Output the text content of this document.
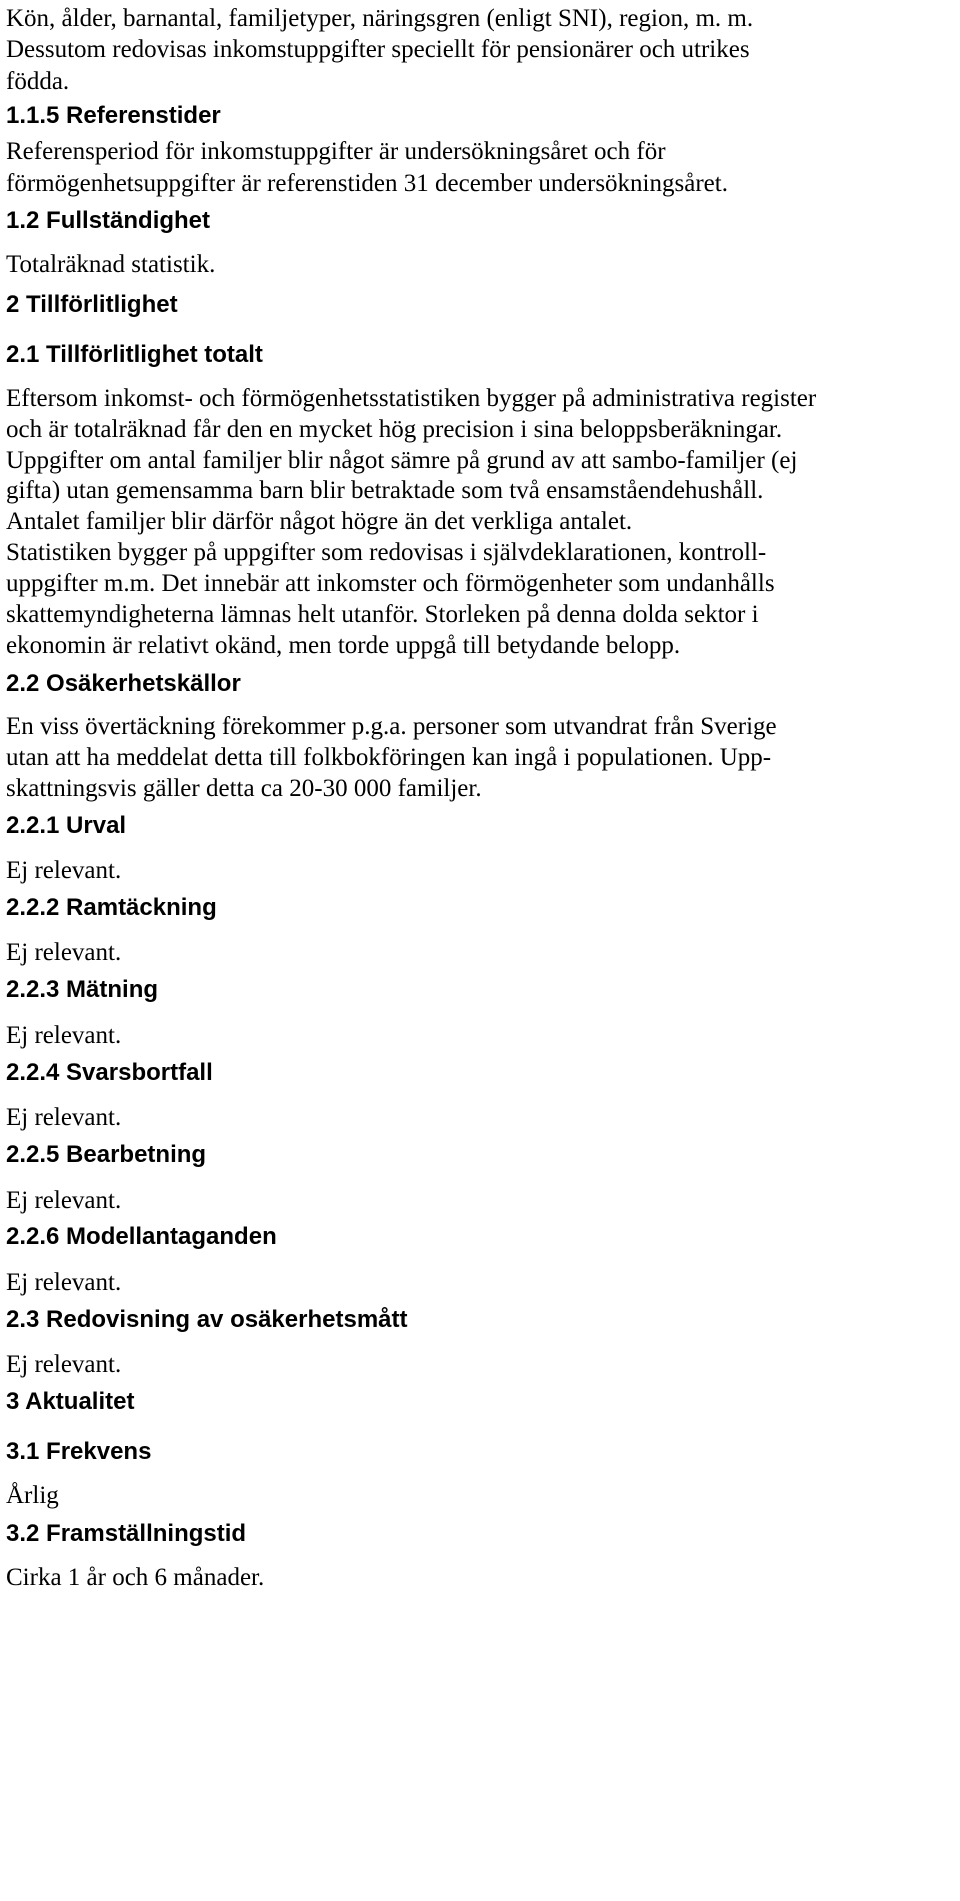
Kön, ålder, barnantal, familjetyper, näringsgren (enligt SNI), region, m. m.
Dessutom redovisas inkomstuppgifter speciellt för pensionärer och utrikes
födda.
1.1.5 Referenstider
Referensperiod för inkomstuppgifter är undersökningsåret och för
förmögenhetsuppgifter är referenstiden 31 december undersökningsåret.
1.2 Fullständighet
Totalräknad statistik.
2 Tillförlitlighet
2.1 Tillförlitlighet totalt
Eftersom inkomst- och förmögenhetsstatistiken bygger på administrativa register
och är totalräknad får den en mycket hög precision i sina beloppsberäkningar.
Uppgifter om antal familjer blir något sämre på grund av att sambo-familjer (ej
gifta) utan gemensamma barn blir betraktade som två ensamståendehushåll.
Antalet familjer blir därför något högre än det verkliga antalet.
Statistiken bygger på uppgifter som redovisas i självdeklarationen, kontroll-
uppgifter m.m. Det innebär att inkomster och förmögenheter som undanhålls
skattemyndigheterna lämnas helt utanför. Storleken på denna dolda sektor i
ekonomin är relativt okänd, men torde uppgå till betydande belopp.
2.2 Osäkerhetskällor
En viss övertäckning förekommer p.g.a. personer som utvandrat från Sverige
utan att ha meddelat detta till folkbokföringen kan ingå i populationen. Upp-
skattningsvis gäller detta ca 20-30 000 familjer.
2.2.1 Urval
Ej relevant.
2.2.2 Ramtäckning
Ej relevant.
2.2.3 Mätning
Ej relevant.
2.2.4 Svarsbortfall
Ej relevant.
2.2.5 Bearbetning
Ej relevant.
2.2.6 Modellantaganden
Ej relevant.
2.3 Redovisning av osäkerhetsmått
Ej relevant.
3 Aktualitet
3.1 Frekvens
Årlig
3.2 Framställningstid
Cirka 1 år och 6 månader.
